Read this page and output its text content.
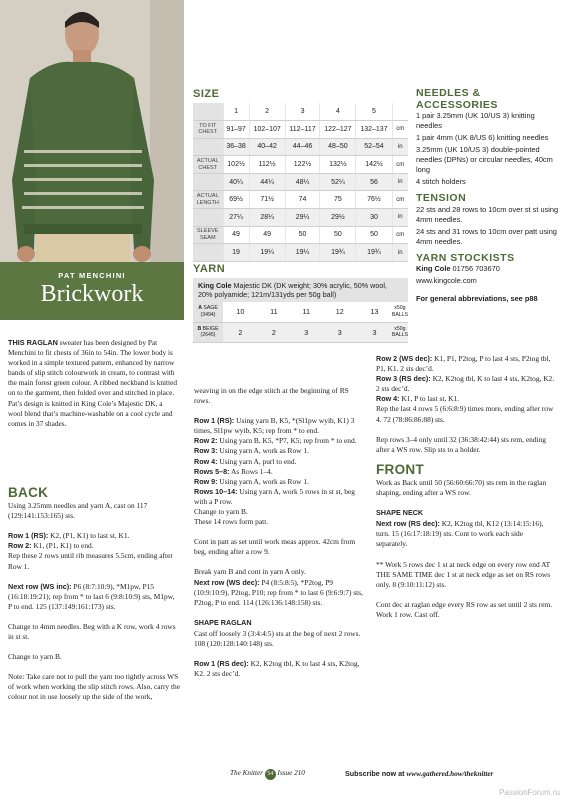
PAT MENCHINI
Brickwork
THIS RAGLAN sweater has been designed by Pat Menchini to fit chests of 36in to 54in. The lower body is worked in a simple textured pattern, enhanced by narrow bands of slip stitch colourwork in cream, to contrast with the main forest green colour. A ribbed neckband is knitted on to the garment, then folded over and stitched in place. Pat’s design is knitted in King Cole’s Majestic DK, a wool blend that’s machine-washable on a cool cycle and comes in 37 shades.
SIZE
	1	2	3	4	5	
TO FIT CHEST	91–97	102–107	112–117	122–127	132–137	cm
	36–38	40–42	44–46	48–50	52–54	in
ACTUAL CHEST	102½	112½	122½	132½	142½	cm
	40¼	44¼	48¼	52¼	56	in
ACTUAL LENGTH	69½	71½	74	75	76½	cm
	27¼	28¼	29¼	29½	30	in
SLEEVE SEAM	49	49	50	50	50	cm
	19	19¼	19¼	19¾	19¾	in
YARN
King Cole Majestic DK (DK weight; 30% acrylic, 50% wool, 20% polyamide; 121m/131yds per 50g ball)
A SAGE (3494)	10	11	11	12	13	x50g BALLS
B BEIGE (2645)	2	2	3	3	3	x50g BALLS
NEEDLES & ACCESSORIES

1 pair 3.25mm (UK 10/US 3) knitting needles

1 pair 4mm (UK 8/US 6) knitting needles

3.25mm (UK 10/US 3) double-pointed needles (DPNs) or circular needles, 40cm long

4 stitch holders

TENSION

22 sts and 28 rows to 10cm over st st using 4mm needles.

24 sts and 31 rows to 10cm over patt using 4mm needles.

YARN STOCKISTS

King Cole 01756 703670

www.kingcole.com

For general abbreviations, see p88

BACK

Using 3.25mm needles and yarn A, cast on 117 (129:141:153:165) sts.

Row 1 (RS): K2, (P1, K1) to last st, K1.
Row 2: K1, (P1, K1) to end.
Rep these 2 rows until rib measures 5.5cm, ending after Row 1.

Next row (WS inc): P6 (8:7:10:9), *M1pw, P15 (16:18:19:21); rep from * to last 6 (9:8:10:9) sts, M1pw, P to end. 125 (137:149:161:173) sts.

Change to 4mm needles. Beg with a K row, work 4 rows in st st.

Change to yarn B.

Note: Take care not to pull the yarn too tightly across WS of work when working the slip stitch rows. Also, carry the colour not in use loosely up the side of the work,

weaving in on the edge stitch at the beginning of RS rows.

Row 1 (RS): Using yarn B, K5, *(Sl1pw wyib, K1) 3 times, Sl1pw wyib, K5; rep from * to end.
Row 2: Using yarn B, K5, *P7, K5; rep from * to end.
Row 3: Using yarn A, work as Row 1.
Row 4: Using yarn A, purl to end.
Rows 5–8: As Rows 1–4.
Row 9: Using yarn A, work as Row 1.
Rows 10–14: Using yarn A, work 5 rows in st st, beg with a P row.
Change to yarn B.
These 14 rows form patt.

Cont in patt as set until work meas approx. 42cm from beg, ending after a row 9.

Break yarn B and cont in yarn A only.
Next row (WS dec): P4 (8:5:8:5), *P2tog, P9 (10:9:10:9), P2tog, P10; rep from * to last 6 (9:6:9:7) sts, P2tog, P to end. 114 (126:136:148:158) sts.

SHAPE RAGLAN
Cast off loosely 3 (3:4:4:5) sts at the beg of next 2 rows. 108 (120:128:140:148) sts.

Row 1 (RS dec): K2, K2tog tbl, K to last 4 sts, K2tog, K2. 2 sts dec’d.

Row 2 (WS dec): K1, P1, P2tog, P to last 4 sts, P2tog tbl, P1, K1. 2 sts dec’d.
Row 3 (RS dec): K2, K2tog tbl, K to last 4 sts, K2tog, K2. 2 sts dec’d.
Row 4: K1, P to last st, K1.
Rep the last 4 rows 5 (6:6:8:9) times more, ending after row 4. 72 (78:86:86:88) sts.

Rep rows 3–4 only until 32 (36:38:42:44) sts rem, ending after a WS row. Slip sts to a holder.

FRONT

Work as Back until 50 (56:60:66:70) sts rem in the raglan shaping, ending after a WS row.

SHAPE NECK
Next row (RS dec): K2, K2tog tbl, K12 (13:14:15:16), turn. 15 (16:17:18:19) sts. Cont to work each side separately.

** Work 5 rows dec 1 st at neck edge on every row end AT THE SAME TIME dec 1 st at neck edge as set on RS rows only. 8 (9:10:11:12) sts.

Cont dec at raglan edge every RS row as set until 2 sts rem. Work 1 row. Cast off.

The Knitter 54 Issue 210	Subscribe now at www.gathered.how/theknitter
PassionForum.ru
